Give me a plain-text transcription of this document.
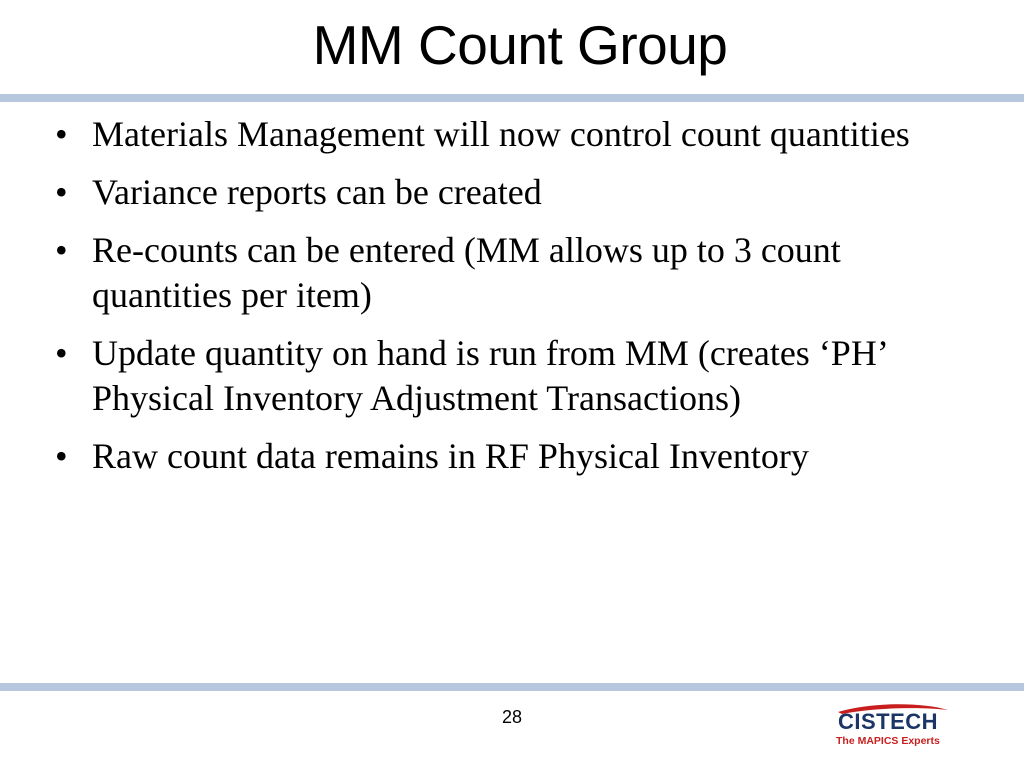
MM Count Group
• Materials Management will now control count quantities
• Variance reports can be created
• Re-counts can be entered (MM allows up to 3 count quantities per item)
• Update quantity on hand is run from MM (creates ‘PH’ Physical Inventory Adjustment Transactions)
• Raw count data remains in RF Physical Inventory
28	CISTECH
The MAPICS Experts
